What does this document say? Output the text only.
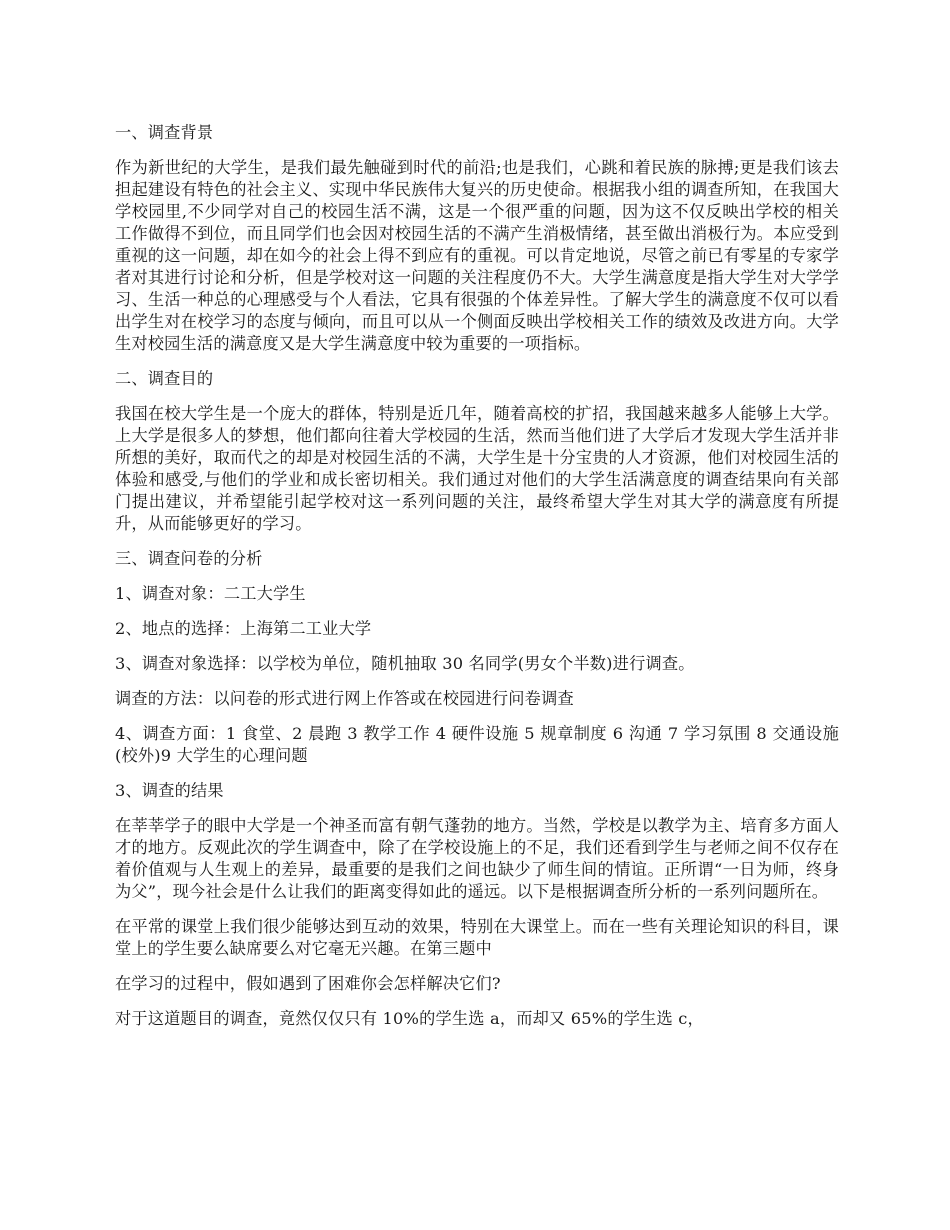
一、调查背景
作为新世纪的大学生，是我们最先触碰到时代的前沿;也是我们，心跳和着民族的脉搏;更是我们该去担起建设有特色的社会主义、实现中华民族伟大复兴的历史使命。根据我小组的调查所知，在我国大学校园里,不少同学对自己的校园生活不满，这是一个很严重的问题，因为这不仅反映出学校的相关工作做得不到位，而且同学们也会因对校园生活的不满产生消极情绪，甚至做出消极行为。本应受到重视的这一问题，却在如今的社会上得不到应有的重视。可以肯定地说，尽管之前已有零星的专家学者对其进行讨论和分析，但是学校对这一问题的关注程度仍不大。大学生满意度是指大学生对大学学习、生活一种总的心理感受与个人看法，它具有很强的个体差异性。了解大学生的满意度不仅可以看出学生对在校学习的态度与倾向，而且可以从一个侧面反映出学校相关工作的绩效及改进方向。大学生对校园生活的满意度又是大学生满意度中较为重要的一项指标。
二、调查目的
我国在校大学生是一个庞大的群体，特别是近几年，随着高校的扩招，我国越来越多人能够上大学。上大学是很多人的梦想，他们都向往着大学校园的生活，然而当他们进了大学后才发现大学生活并非所想的美好，取而代之的却是对校园生活的不满，大学生是十分宝贵的人才资源，他们对校园生活的体验和感受,与他们的学业和成长密切相关。我们通过对他们的大学生活满意度的调查结果向有关部门提出建议，并希望能引起学校对这一系列问题的关注，最终希望大学生对其大学的满意度有所提升，从而能够更好的学习。
三、调查问卷的分析
1、调查对象：二工大学生
2、地点的选择：上海第二工业大学
3、调查对象选择：以学校为单位，随机抽取 30 名同学(男女个半数)进行调查。
调查的方法：以问卷的形式进行网上作答或在校园进行问卷调查
4、调查方面：1 食堂、2 晨跑 3 教学工作 4 硬件设施 5 规章制度 6 沟通 7 学习氛围 8 交通设施(校外)9 大学生的心理问题
3、调查的结果
在莘莘学子的眼中大学是一个神圣而富有朝气蓬勃的地方。当然，学校是以教学为主、培育多方面人才的地方。反观此次的学生调查中，除了在学校设施上的不足，我们还看到学生与老师之间不仅存在着价值观与人生观上的差异，最重要的是我们之间也缺少了师生间的情谊。正所谓“一日为师，终身为父”，现今社会是什么让我们的距离变得如此的遥远。以下是根据调查所分析的一系列问题所在。
在平常的课堂上我们很少能够达到互动的效果，特别在大课堂上。而在一些有关理论知识的科目，课堂上的学生要么缺席要么对它毫无兴趣。在第三题中
在学习的过程中，假如遇到了困难你会怎样解决它们?
对于这道题目的调查，竟然仅仅只有 10%的学生选 a，而却又 65%的学生选 c，
